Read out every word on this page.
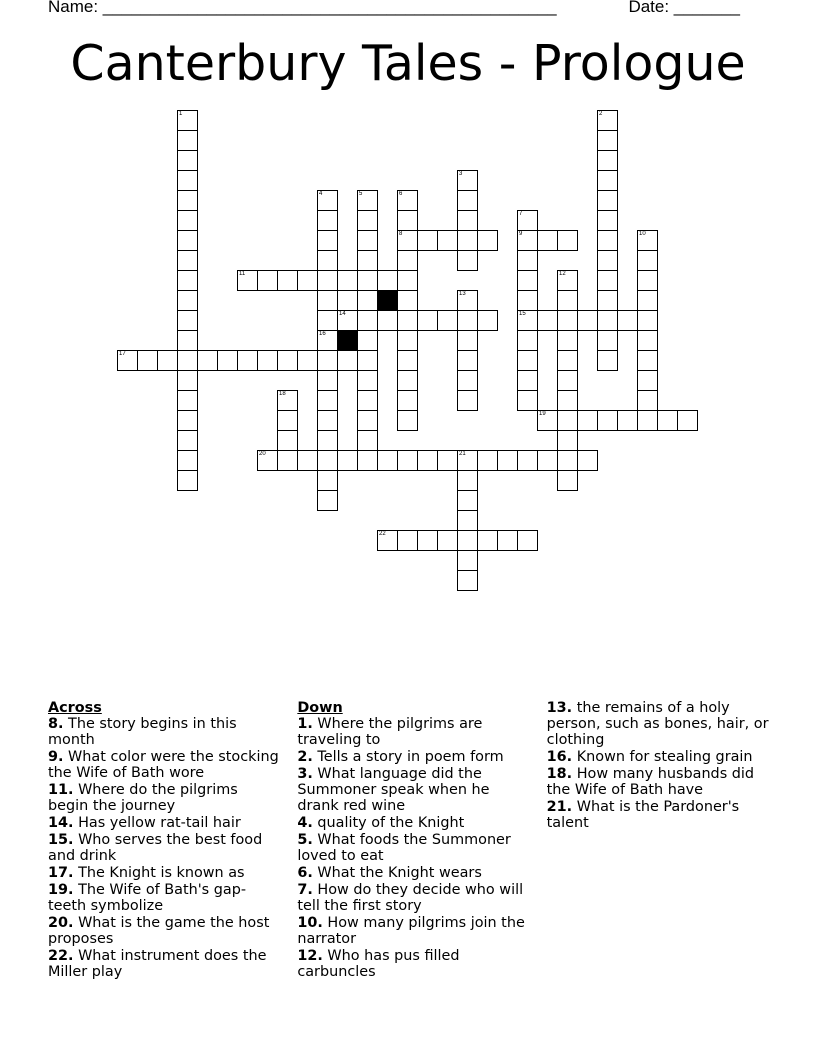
Name: ________________________________________________	Date: _______
Canterbury Tales - Prologue
1	2
3
4
16
5	6
8
7
9
15
10
11	12
13
14
17
18
19
20	21
22
Across
8. The story begins in this month
9. What color were the stocking the Wife of Bath wore
11. Where do the pilgrims begin the journey
14. Has yellow rat-tail hair
15. Who serves the best food and drink
17. The Knight is known as
19. The Wife of Bath's gap-teeth symbolize
20. What is the game the host proposes
22. What instrument does the Miller play
Down
1. Where the pilgrims are traveling to
2. Tells a story in poem form
3. What language did the Summoner speak when he drank red wine
4. quality of the Knight
5. What foods the Summoner loved to eat
6. What the Knight wears
7. How do they decide who will tell the first story
10. How many pilgrims join the narrator
12. Who has pus filled carbuncles
13. the remains of a holy person, such as bones, hair, or clothing
16. Known for stealing grain
18. How many husbands did the Wife of Bath have
21. What is the Pardoner's talent
